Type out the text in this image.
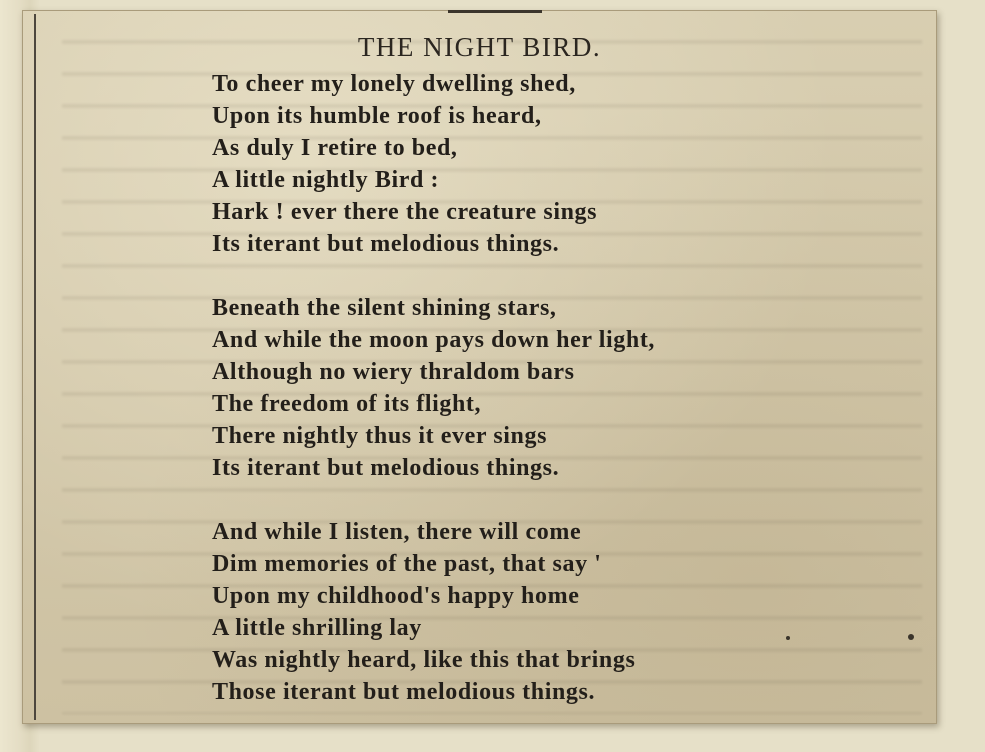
THE NIGHT BIRD.
To cheer my lonely dwelling shed,
Upon its humble roof is heard,
As duly I retire to bed,
A little nightly Bird :
Hark ! ever there the creature sings
Its iterant but melodious things.
Beneath the silent shining stars,
And while the moon pays down her light,
Although no wiery thraldom bars
The freedom of its flight,
There nightly thus it ever sings
Its iterant but melodious things.
And while I listen, there will come
Dim memories of the past, that say '
Upon my childhood's happy home
A little shrilling lay
Was nightly heard, like this that brings
Those iterant but melodious things.
